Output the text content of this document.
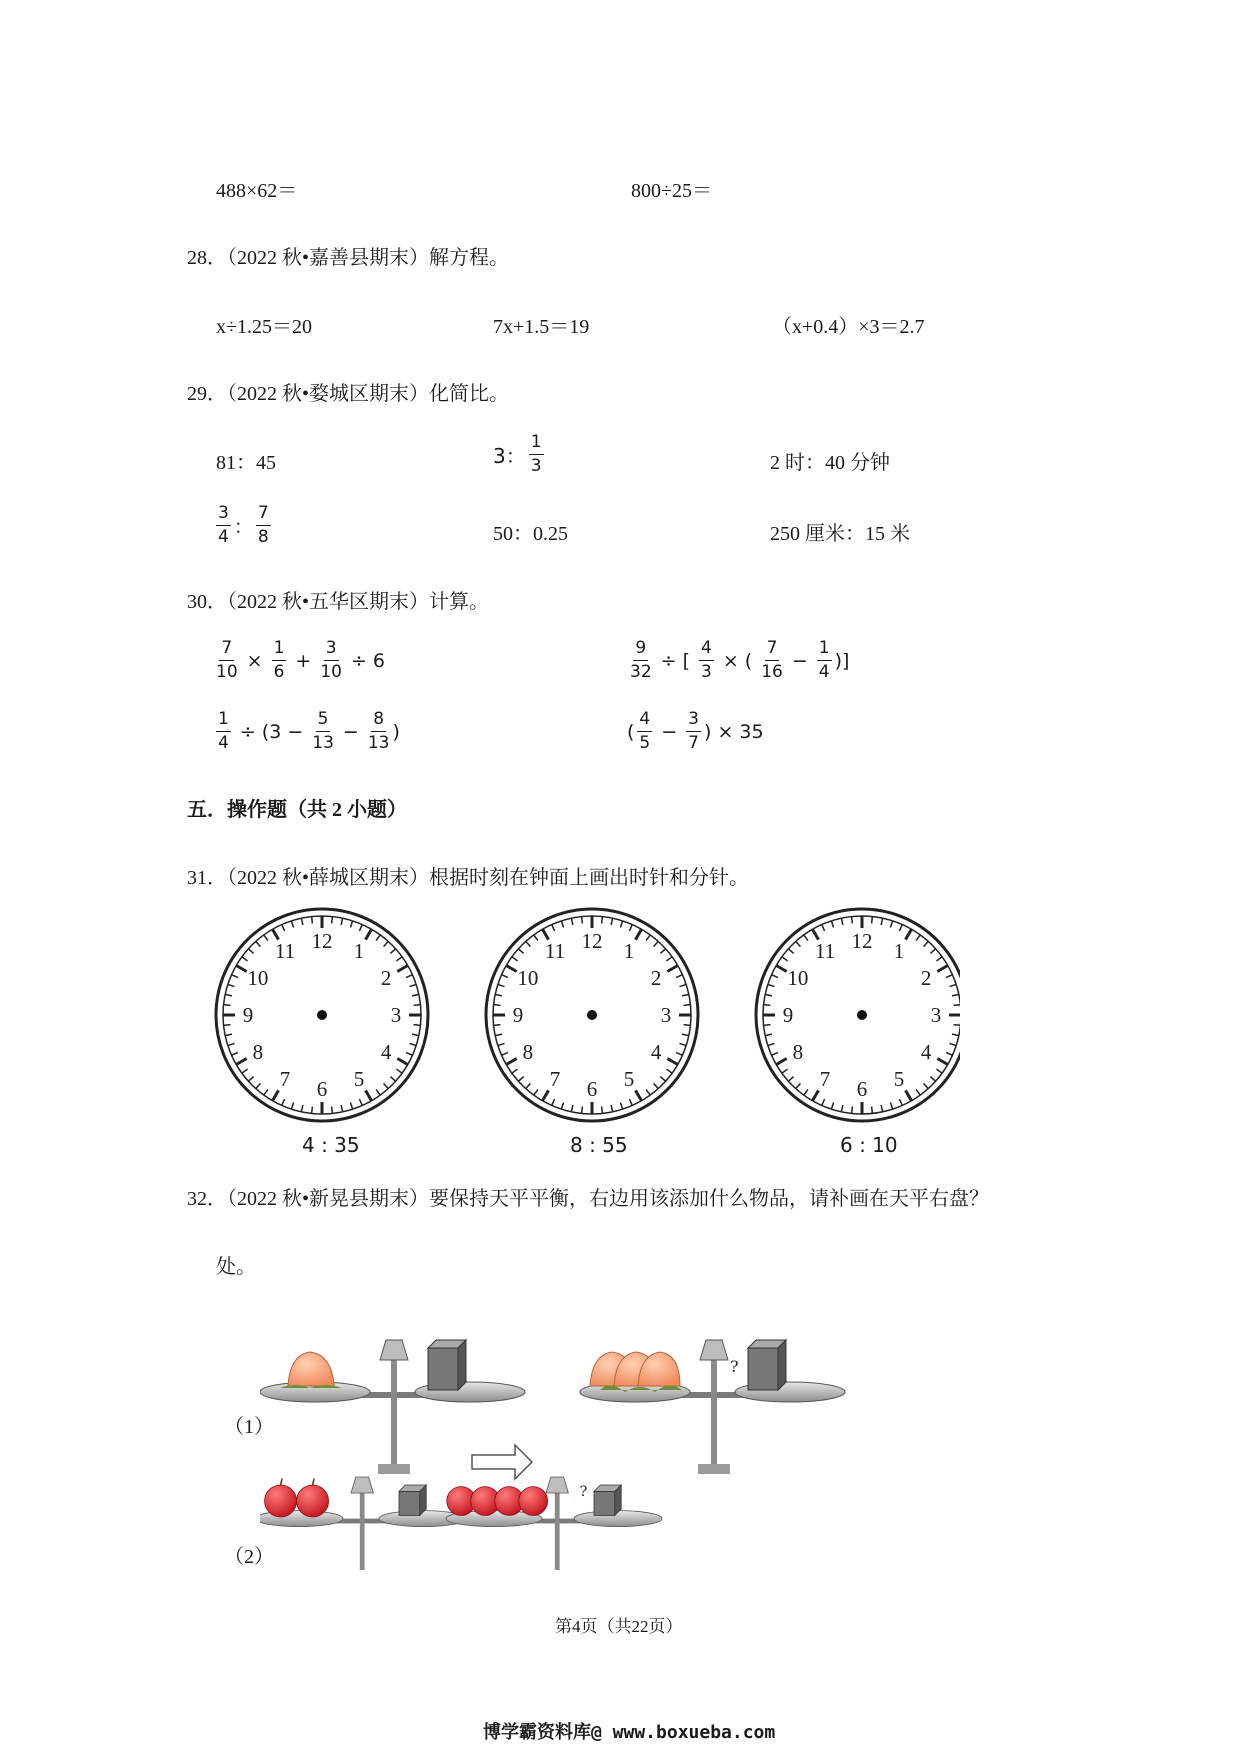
488×62＝	800÷25＝
28．（2022 秋•嘉善县期末）解方程。
x÷1.25＝20	7x+1.5＝19	（x+0.4）×3＝2.7
29．（2022 秋•婺城区期末）化简比。
81：45	3： $\frac{1}{3}$	2 时：40 分钟
$\frac{3}{4}$ ： $\frac{7}{8}$	50：0.25	250 厘米：15 米
30．（2022 秋•五华区期末）计算。
$\frac{7}{10} \times \frac{1}{6} + \frac{3}{10} \div 6$	$\frac{9}{32}$ ÷ [ $\frac{4}{3}$ × ( $\frac{7}{16} - \frac{1}{4}$ )]
$\frac{1}{4} \div (3 - \frac{5}{13} - \frac{8}{13}$ )	( $\frac{4}{5} - \frac{3}{7}$ ) × 35
五．操作题（共 2 小题）
31．（2022 秋•薛城区期末）根据时刻在钟面上画出时针和分针。
12 1
2
3
4
5
6
7
8
9
10
11	12 1
2
3
4
5
6
7
8
9
10
11	12 1
2
3
4
5
6
7
8
9
10
11
4 : 35	8 : 55	6 : 10
32．（2022 秋•新晃县期末）要保持天平平衡，右边用该添加什么物品，请补画在天平右盘？
处。
（1）
（2）
?
?
第4页（共22页）
博学霸资料库@ www.boxueba.com
